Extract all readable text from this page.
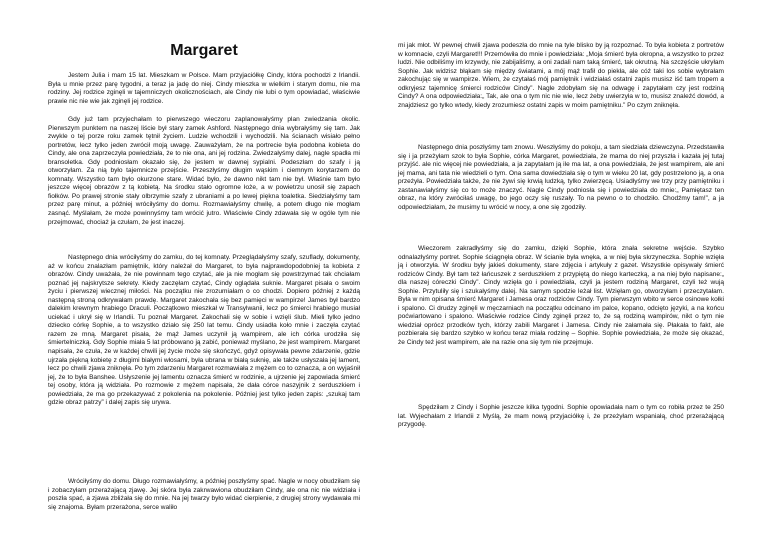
Margaret

Jestem Julia i mam 15 lat. Mieszkam w Polsce. Mam przyjaciółkę Cindy, która pochodzi z Irlandii. Była u mnie przez parę tygodni, a teraz ja jadę do niej. Cindy mieszka w wielkim i starym domu, nie ma rodziny. Jej rodzice zginęli w tajemniczych okolicznościach, ale Cindy nie lubi o tym opowiadać, właściwie prawie nic nie wie jak zginęli jej rodzice.

Gdy już tam przyjechałam to pierwszego wieczoru zaplanowałyśmy plan zwiedzania okolic. Pierwszym punktem na naszej liście był stary zamek Ashford. Następnego dnia wybrałyśmy się tam. Jak zwykle o tej porze roku zamek tętnił życiem. Ludzie wchodzili i wychodzili. Na ścianach wisiało pełno portretów, lecz tylko jeden zwrócił moją uwagę. Zauważyłam, że na portrecie była podobna kobieta do Cindy, ale ona zaprzeczyła powiedziała, że to nie ona, ani jej rodzina. Zwiedzałyśmy dalej, nagle spadła mi bransoletka. Gdy podniosłam okazało się, że jestem w dawnej sypialni. Podeszłam do szafy i ją otworzyłam. Za nią było tajemnicze przejście. Przeszłyśmy długim wąskim i ciemnym korytarzem do komnaty. Wszystko tam było okurzone stare. Widać było, że dawno nikt tam nie był. Właśnie tam było jeszcze więcej obrazów z tą kobietą. Na środku stało ogromne łoże, a w powietrzu unosił się zapach fiołków. Po prawej stronie stały olbrzymie szafy z ubraniami a po lewej piękna toaletka. Siedziałyśmy tam przez parę minut, a później wróciłyśmy do domu. Rozmawiałyśmy chwilę, a potem długo nie mogłam zasnąć. Myślałam, że może powinnyśmy tam wrócić jutro. Właściwie Cindy zdawała się w ogóle tym nie przejmować, chociaż ja czułam, że jest inaczej.

Następnego dnia wróciłyśmy do zamku, do tej komnaty. Przeglądałyśmy szafy, szuflady, dokumenty, aż w końcu znalazłam pamiętnik, który należał do Margaret, to była najprawdopodobniej ta kobieta z obrazów. Cindy uważała, że nie powinnam tego czytać, ale ja nie mogłam się powstrzymać tak chciałam poznać jej najskrytsze sekrety. Kiedy zaczęłam czytać, Cindy oglądała suknie. Margaret pisała o swoim życiu i pierwszej wiecznej miłości. Na początku nie zrozumiałam o co chodzi. Dopiero później z każdą następną stroną odkrywałam prawdę. Margaret zakochała się bez pamięci w wampirze! James był bardzo dalekim krewnym hrabiego Draculi. Początkowo mieszkał w Transylwanii, lecz po śmierci hrabiego musiał uciekać i ukrył się w Irlandii. Tu poznał Margaret. Zakochali się w sobie i wzięli ślub. Mieli tylko jedno dziecko córkę Sophie, a to wszystko działo się 250 lat temu. Cindy usiadła koło mnie i zaczęła czytać razem ze mną. Margaret pisała, że mąż James uczynił ją wampirem, ale ich córka urodziła się śmiertelniczką. Gdy Sophie miała 5 lat próbowano ją zabić, ponieważ myślano, że jest wampirem. Margaret napisała, że czuła, że w każdej chwili jej życie może się skończyć, gdyż opisywała pewne zdarzenie, gdzie ujrzała piękną kobietę z długimi białymi włosami, była ubrana w białą suknię, ale także usłyszała jej lament, lecz po chwili zjawa zniknęła. Po tym zdarzeniu Margaret rozmawiała z mężem co to oznacza, a on wyjaśnił jej, że to była Banshee. Usłyszenie jej lamentu oznacza śmierć w rodzinie, a ujrzenie jej zapowiada śmierć tej osoby, która ją widziała. Po rozmowie z mężem napisała, że dała córce naszyjnik z serduszkiem i powiedziała, że ma go przekazywać z pokolenia na pokolenie. Później jest tylko jeden zapis: „szukaj tam gdzie obraz patrzy” i dalej zapis się urywa.

Wróciłyśmy do domu. Długo rozmawiałyśmy, a później poszłyśmy spać. Nagle w nocy obudziłam się i zobaczyłam przerażającą zjawę. Jej skóra była zakrwawiona obudziłam Cindy, ale ona nic nie widziała i poszła spać, a zjawa zbliżała się do mnie. Na jej twarzy było widać cierpienie, z drugiej strony wydawała mi się znajoma. Byłam przerażona, serce waliło

mi jak młot. W pewnej chwili zjawa podeszła do mnie na tyle blisko by ją rozpoznać. To była kobieta z portretów w komnacie, czyli Margaret!!! Przemówiła do mnie i powiedziała: „Moja śmierć była okropna, a wszystko to przez ludzi. Nie odbiliśmy im krzywdy, nie zabijaliśmy, a oni zadali nam taką śmierć, tak okrutną. Na szczęście ukryłam Sophie. Jak widzisz błąkam się między światami, a mój mąż trafił do piekła, ale cóż taki los sobie wybrałam zakochując się w wampirze. Wiem, że czytałaś mój pamiętnik i widziałaś ostatni zapis musisz iść tam tropem a odkryjesz tajemnicę śmierci rodziców Cindy”. Nagle zdobyłam się na odwagę i zapytałam czy jest rodziną Cindy? A ona odpowiedziała:„ Tak, ale ona o tym nic nie wie, lecz żeby uwierzyła w to, musisz znaleźć dowód, a znajdziesz go tylko wtedy, kiedy zrozumiesz ostatni zapis w moim pamiętniku.” Po czym zniknęła.

Następnego dnia poszłyśmy tam znowu. Weszłyśmy do pokoju, a tam siedziała dziewczyna. Przedstawiła się i ja przeżyłam szok to była Sophie, córka Margaret, powiedziała, że mama do niej przyszła i kazała jej tutaj przyjść. ale nic więcej nie powiedziała, a ja zapytałam ją ile ma lat, a ona powiedziała, że jest wampirem, ale ani jej mama, ani tata nie wiedzieli o tym. Ona sama dowiedziała się o tym w wieku 20 lat, gdy postrzelono ją, a ona przeżyła. Powiedziała także, że nie żywi się krwią ludzką, tylko zwierzęcą. Usiadłyśmy we trzy przy pamiętniku i zastanawiałyśmy się co to może znaczyć. Nagle Cindy podniosła się i powiedziała do mnie:„ Pamiętasz ten obraz, na który zwróciłaś uwagę, bo jego oczy się ruszały. To na pewno o to chodziło. Chodźmy tam!”, a ja odpowiedziałam, że musimy tu wrócić w nocy, a one się zgodziły.

Wieczorem zakradłyśmy się do zamku, dzięki Sophie, która znała sekretne wejście. Szybko odnalazłyśmy portret. Sophie ściągnęła obraz. W ścianie była wnęka, a w niej była skrzyneczka. Sophie wzięła ją i otworzyła. W środku były jakieś dokumenty, stare zdjęcia i artykuły z gazet. Wszystkie opisywały śmierć rodziców Cindy. Był tam też łańcuszek z serduszkiem z przypiętą do niego karteczką, a na niej było napisane:„ dla naszej córeczki Cindy”. Cindy wzięła go i powiedziała, czyli ja jestem rodziną Margaret, czyli też wują Sophie. Przytuliły się i szukałyśmy dalej. Na samym spodzie leżał list. Wzięłam go, otworzyłam i przeczytałam. Była w nim opisana śmierć Margaret i Jamesa oraz rodziców Cindy. Tym pierwszym wbito w serce osinowe kołki i spalono. Ci drudzy zginęli w męczarniach na początku odcinano im palce, kopano, odcięto języki, a na końcu poćwiartowano i spalono. Właściwie rodzice Cindy zginęli przez to, że są rodziną wampirów, nikt o tym nie wiedział oprócz przodków tych, którzy zabili Margaret i Jamesa. Cindy nie załamała się. Płakała to fakt, ale pozbierała się bardzo szybko w końcu teraz miała rodzinę – Sophie. Sophie powiedziała, że może się okazać, że Cindy też jest wampirem, ale na razie ona się tym nie przejmuje.

Spędziłam z Cindy i Sophie jeszcze kilka tygodni. Sophie opowiadała nam o tym co robiła przez te 250 lat. Wyjechałam z Irlandii z Myślą, że mam nową przyjaciółkę i, że przeżyłam wspaniałą, choć przerażającą przygodę.
